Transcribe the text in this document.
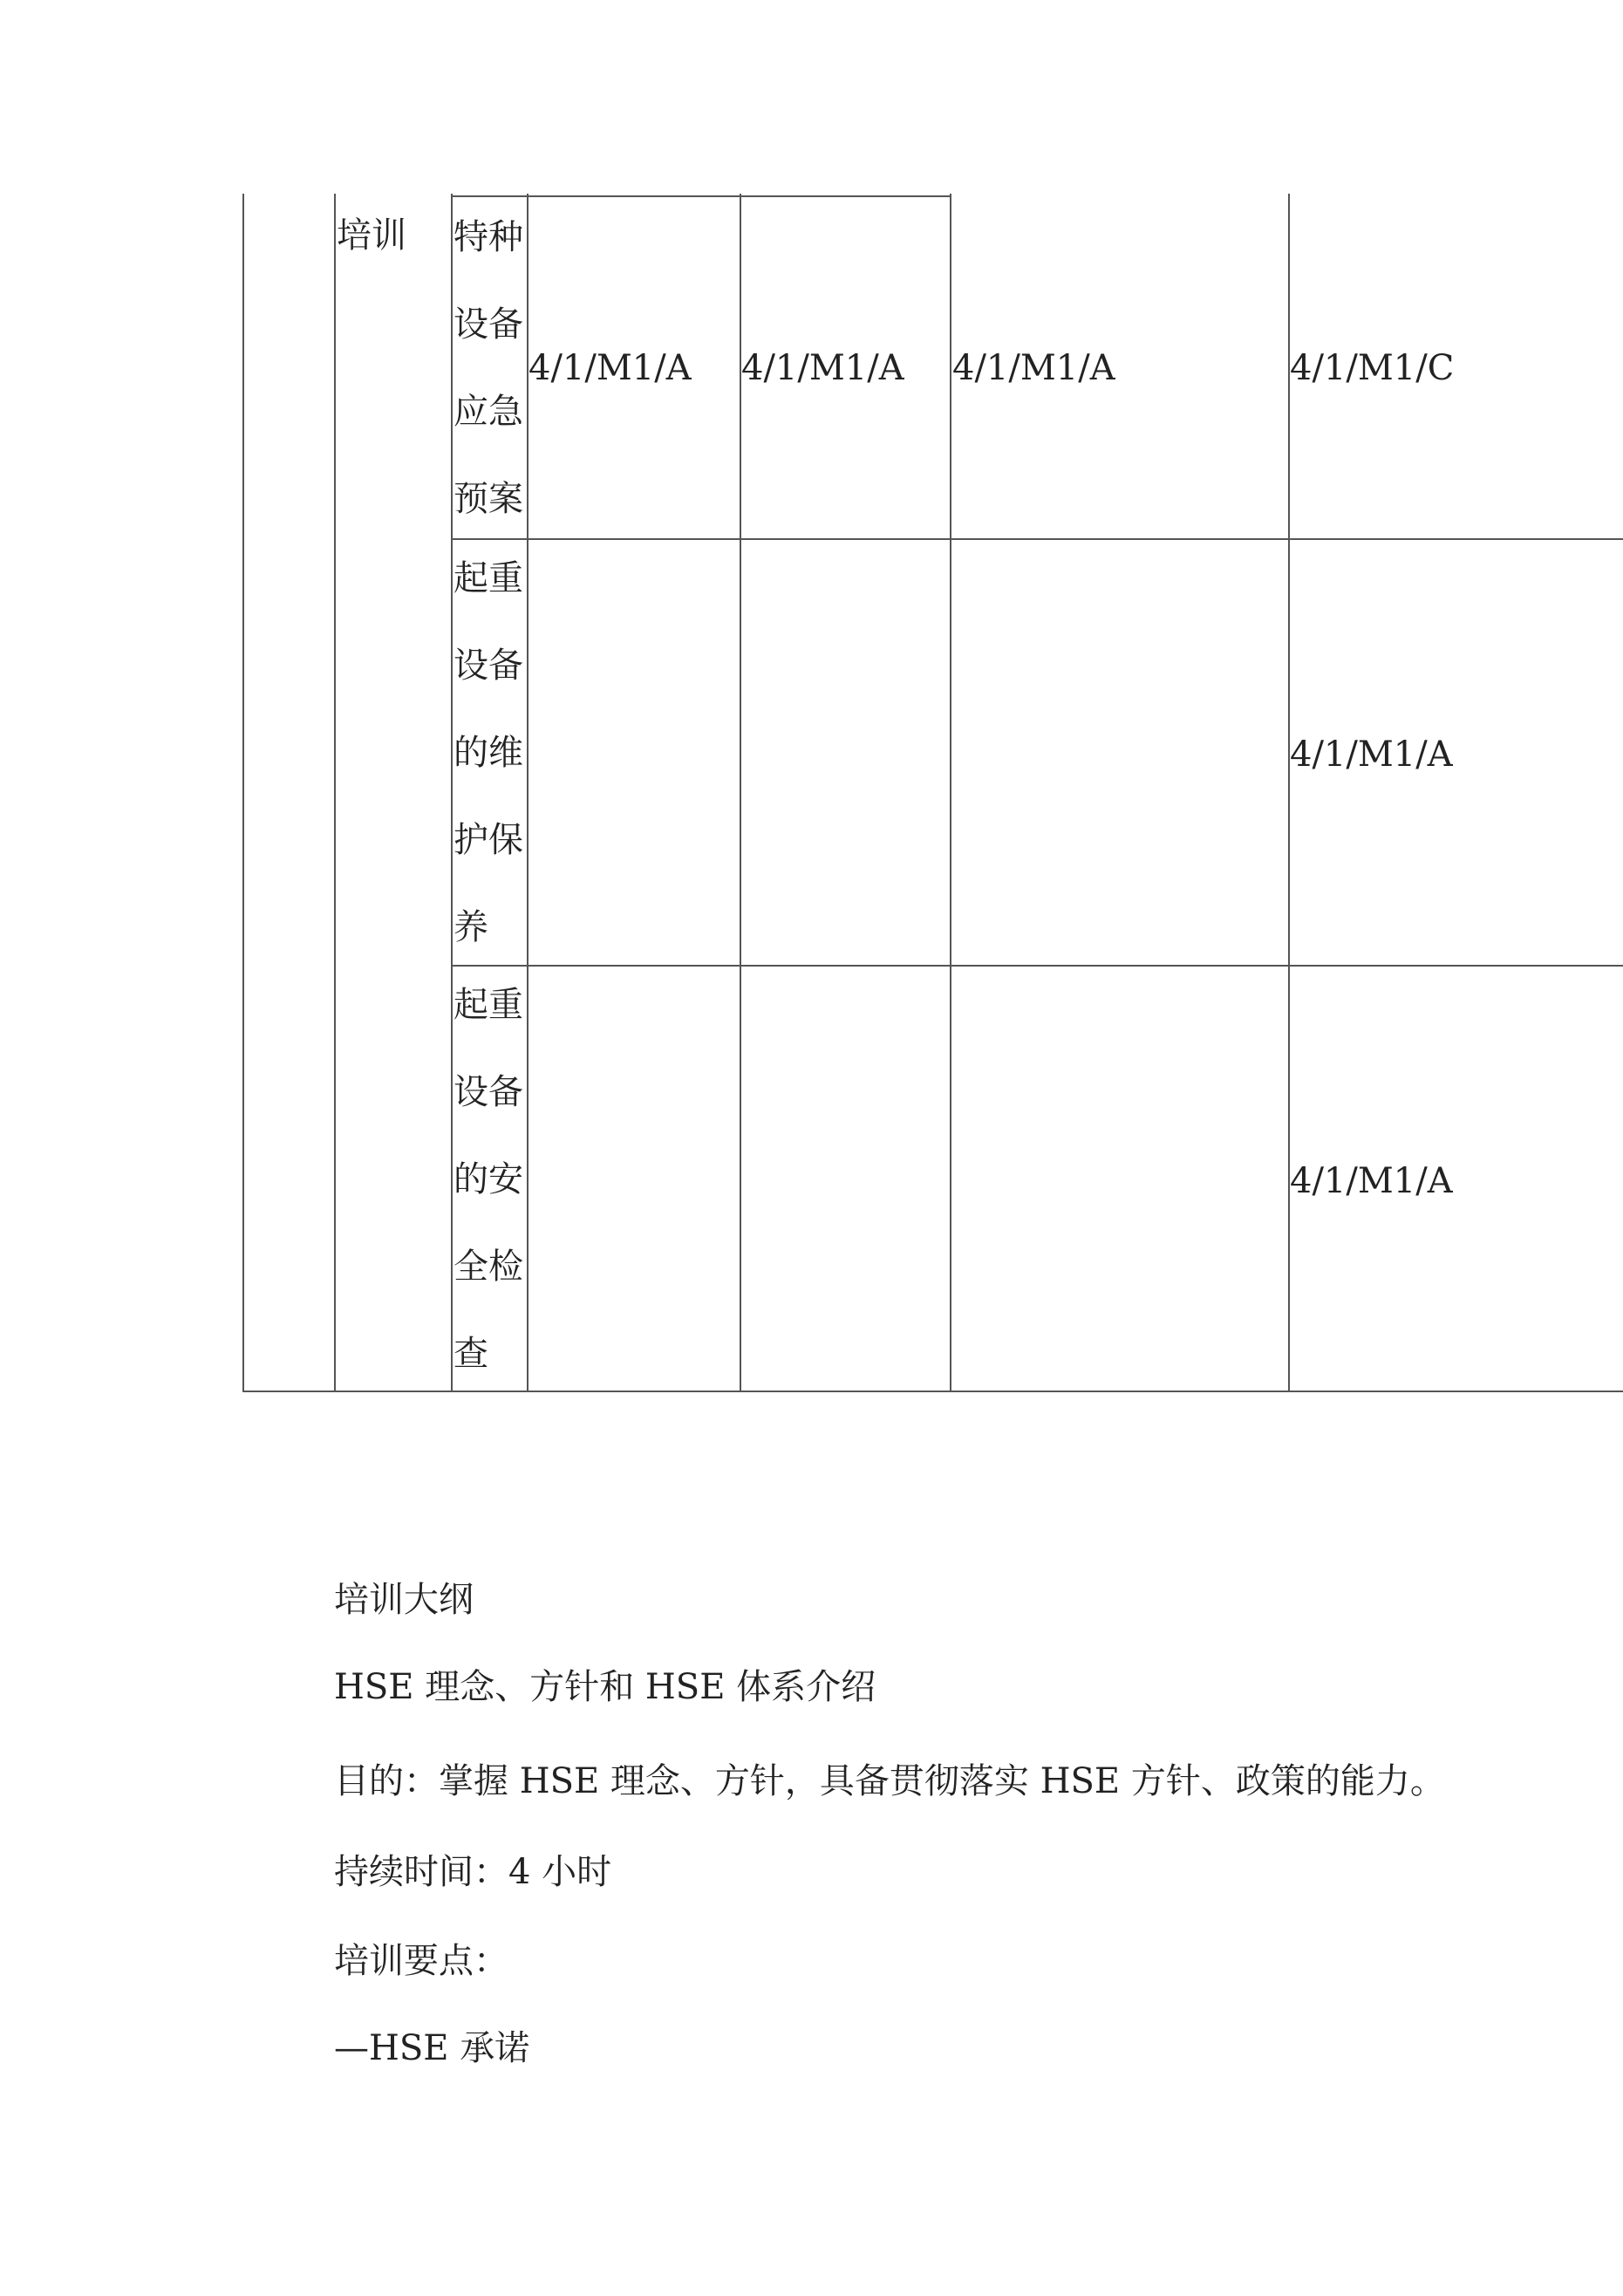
培训 特种
设备
应急
预案
4/1/M1/A 4/1/M1/A 4/1/M1/A	4/1/M1/C
起重
设备
的维
护保
养
4/1/M1/A
起重
设备
的安
全检
查
4/1/M1/A
培训大纲
HSE 理念、方针和 HSE 体系介绍
目的：掌握 HSE 理念、方针，具备贯彻落实 HSE 方针、政策的能力。
持续时间：4 小时
培训要点：
—HSE 承诺
